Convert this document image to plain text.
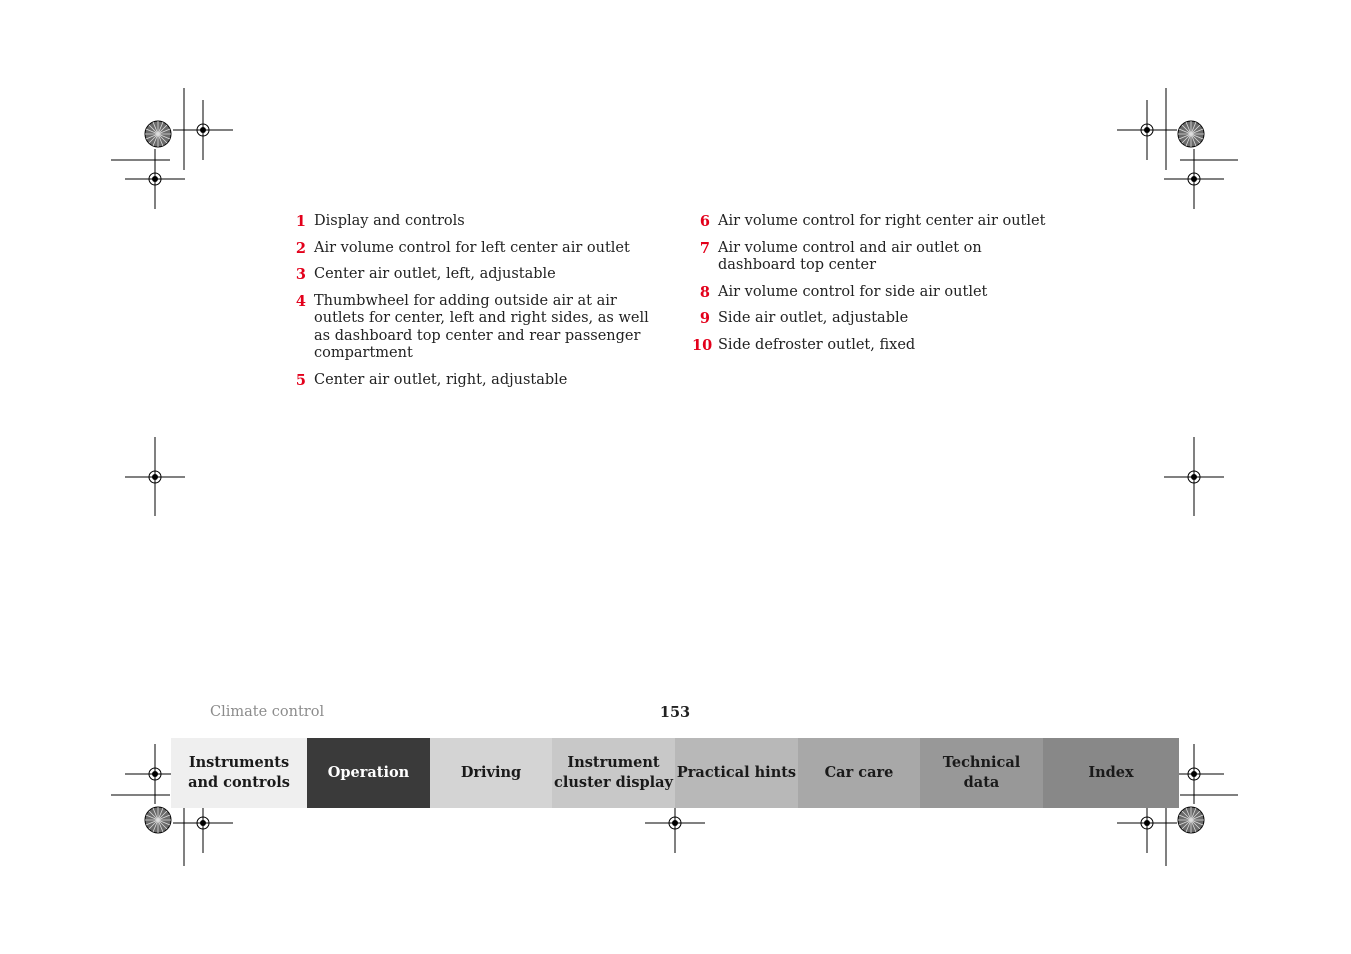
1 Display and controls
2 Air volume control for left center air outlet
3 Center air outlet, left, adjustable
4 Thumbwheel for adding outside air at air outlets for center, left and right sides, as well as dashboard top center and rear passenger compartment
5 Center air outlet, right, adjustable
6 Air volume control for right center air outlet
7 Air volume control and air outlet on dashboard top center
8 Air volume control for side air outlet
9 Side air outlet, adjustable
10 Side defroster outlet, fixed
Climate control	153
Instruments
and controls
Operation	Driving
Instrument
cluster display
Practical hints Car care
Technical
data
Index
